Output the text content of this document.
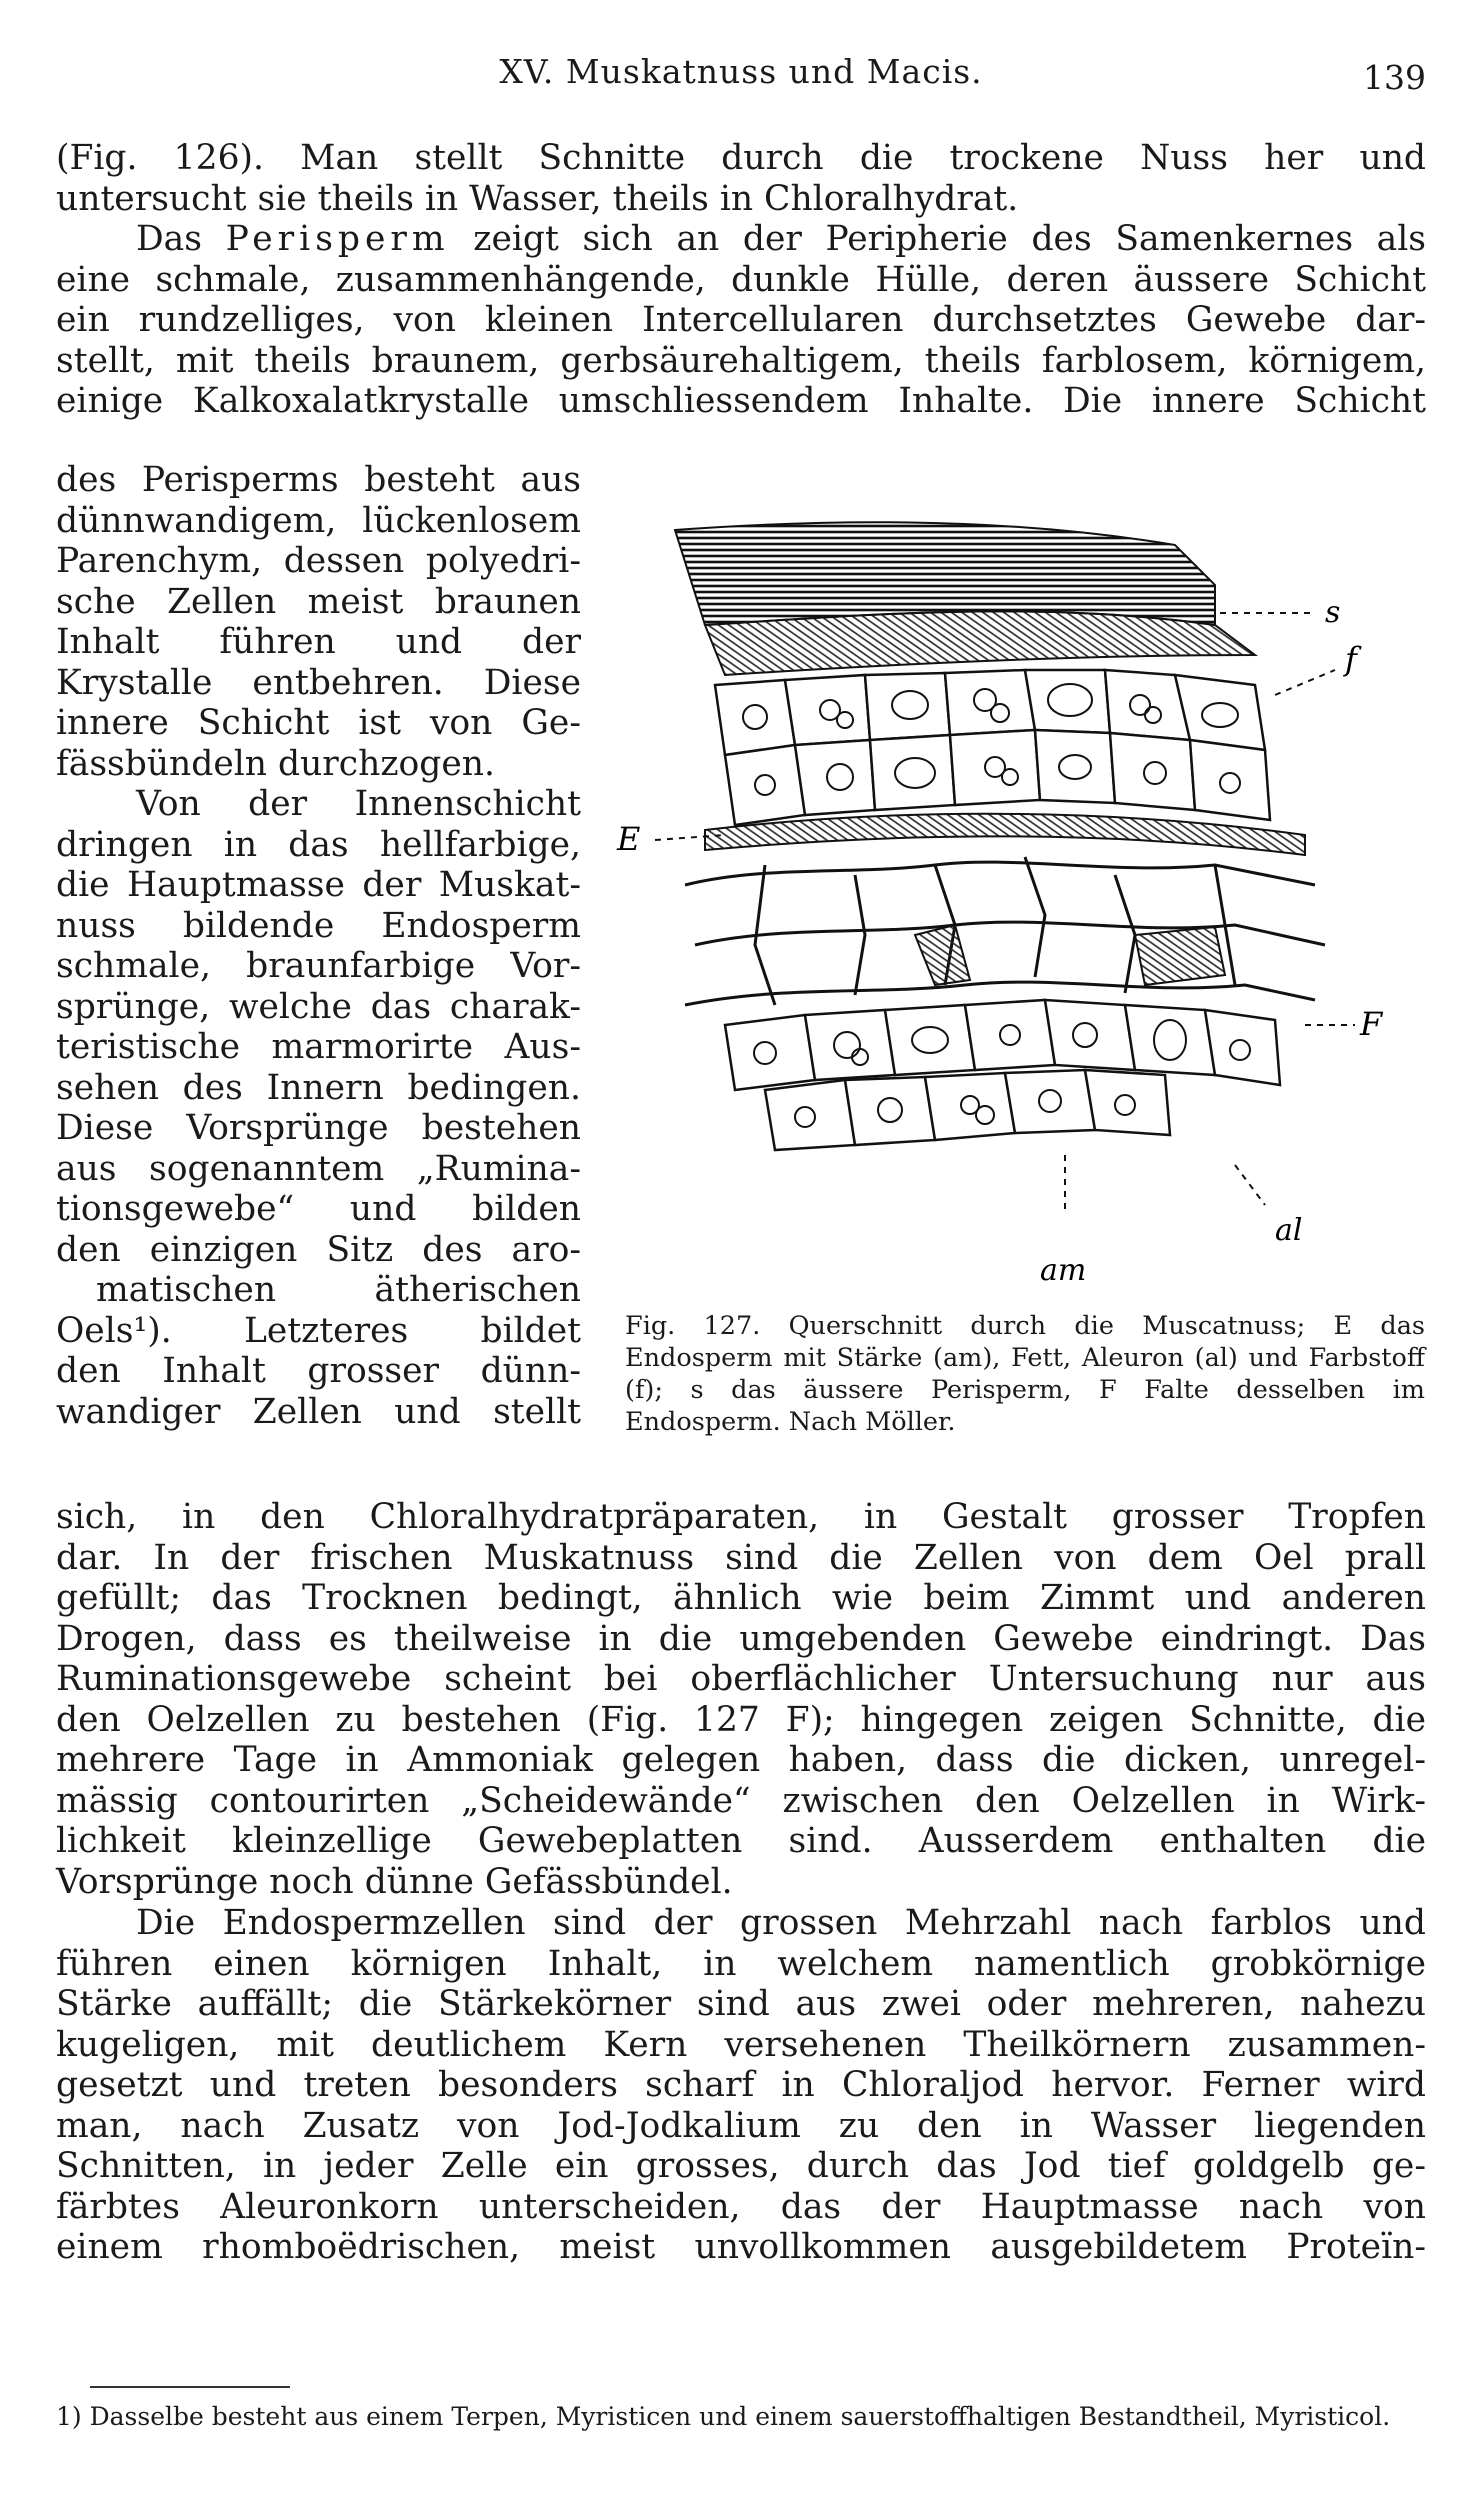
XV. Muskatnuss und Macis.	139

(Fig. 126). Man stellt Schnitte durch die trockene Nuss her und

untersucht sie theils in Wasser, theils in Chloralhydrat.

Das Perisperm zeigt sich an der Peripherie des Samenkernes als

eine schmale, zusammenhängende, dunkle Hülle, deren äussere Schicht

ein rundzelliges, von kleinen Intercellularen durchsetztes Gewebe dar-

stellt, mit theils braunem, gerbsäurehaltigem, theils farblosem, körnigem,

einige Kalkoxalatkrystalle umschliessendem Inhalte. Die innere Schicht

des Perisperms besteht aus

dünnwandigem, lückenlosem

Parenchym, dessen polyedri-

sche Zellen meist braunen

Inhalt führen und der

Krystalle entbehren. Diese

innere Schicht ist von Ge-

fässbündeln durchzogen.

Von der Innenschicht

dringen in das hellfarbige,

die Hauptmasse der Muskat-

nuss bildende Endosperm

schmale, braunfarbige Vor-

sprünge, welche das charak-

teristische marmorirte Aus-

sehen des Innern bedingen.

Diese Vorsprünge bestehen

aus sogenanntem „Rumina-

tionsgewebe“ und bilden

den einzigen Sitz des aro-

matischen ätherischen

Oels¹). Letzteres bildet

den Inhalt grosser dünn-

wandiger Zellen und stellt

s
f
E
F
al
am
Fig. 127. Querschnitt durch die Muscatnuss; E das Endosperm mit Stärke (am), Fett, Aleuron (al) und Farbstoff (f); s das äussere Perisperm, F Falte desselben im Endosperm. Nach Möller.

sich, in den Chloralhydratpräparaten, in Gestalt grosser Tropfen

dar. In der frischen Muskatnuss sind die Zellen von dem Oel prall

gefüllt; das Trocknen bedingt, ähnlich wie beim Zimmt und anderen

Drogen, dass es theilweise in die umgebenden Gewebe eindringt. Das

Ruminationsgewebe scheint bei oberflächlicher Untersuchung nur aus

den Oelzellen zu bestehen (Fig. 127 F); hingegen zeigen Schnitte, die

mehrere Tage in Ammoniak gelegen haben, dass die dicken, unregel-

mässig contourirten „Scheidewände“ zwischen den Oelzellen in Wirk-

lichkeit kleinzellige Gewebeplatten sind. Ausserdem enthalten die

Vorsprünge noch dünne Gefässbündel.

Die Endospermzellen sind der grossen Mehrzahl nach farblos und

führen einen körnigen Inhalt, in welchem namentlich grobkörnige

Stärke auffällt; die Stärkekörner sind aus zwei oder mehreren, nahezu

kugeligen, mit deutlichem Kern versehenen Theilkörnern zusammen-

gesetzt und treten besonders scharf in Chloraljod hervor. Ferner wird

man, nach Zusatz von Jod-Jodkalium zu den in Wasser liegenden

Schnitten, in jeder Zelle ein grosses, durch das Jod tief goldgelb ge-

färbtes Aleuronkorn unterscheiden, das der Hauptmasse nach von

einem rhomboëdrischen, meist unvollkommen ausgebildetem Proteïn-

1) Dasselbe besteht aus einem Terpen, Myristicen und einem sauerstoffhaltigen Bestandtheil, Myristicol.
